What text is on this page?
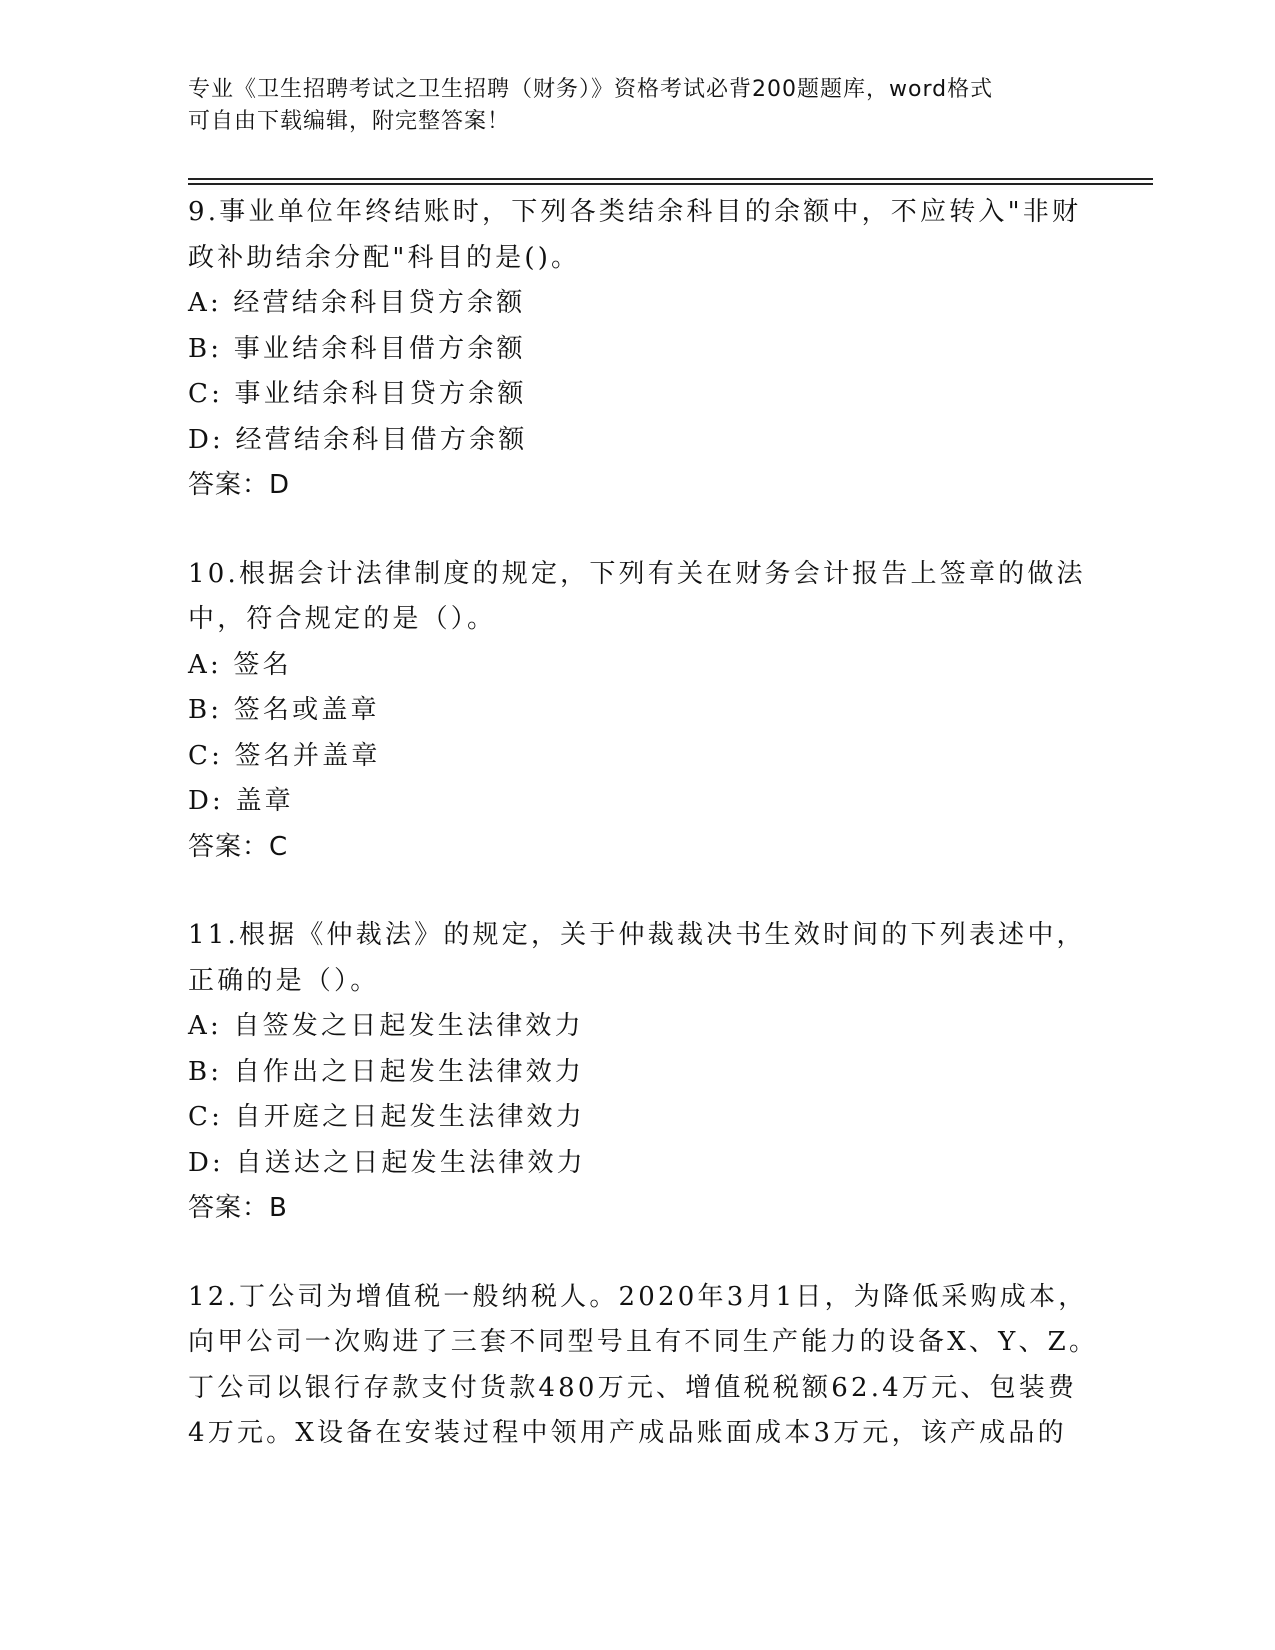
专业《卫生招聘考试之卫生招聘（财务）》资格考试必背200题题库，word格式
可自由下载编辑，附完整答案！
9.事业单位年终结账时，下列各类结余科目的余额中，不应转入"非财
政补助结余分配"科目的是()。
A: 经营结余科目贷方余额
B: 事业结余科目借方余额
C: 事业结余科目贷方余额
D: 经营结余科目借方余额
答案：D
10.根据会计法律制度的规定，下列有关在财务会计报告上签章的做法
中，符合规定的是（）。
A: 签名
B: 签名或盖章
C: 签名并盖章
D: 盖章
答案：C
11.根据《仲裁法》的规定，关于仲裁裁决书生效时间的下列表述中，
正确的是（）。
A: 自签发之日起发生法律效力
B: 自作出之日起发生法律效力
C: 自开庭之日起发生法律效力
D: 自送达之日起发生法律效力
答案：B
12.丁公司为增值税一般纳税人。2020年3月1日，为降低采购成本，
向甲公司一次购进了三套不同型号且有不同生产能力的设备X、Y、Z。
丁公司以银行存款支付货款480万元、增值税税额62.4万元、包装费
4万元。X设备在安装过程中领用产成品账面成本3万元，该产成品的
